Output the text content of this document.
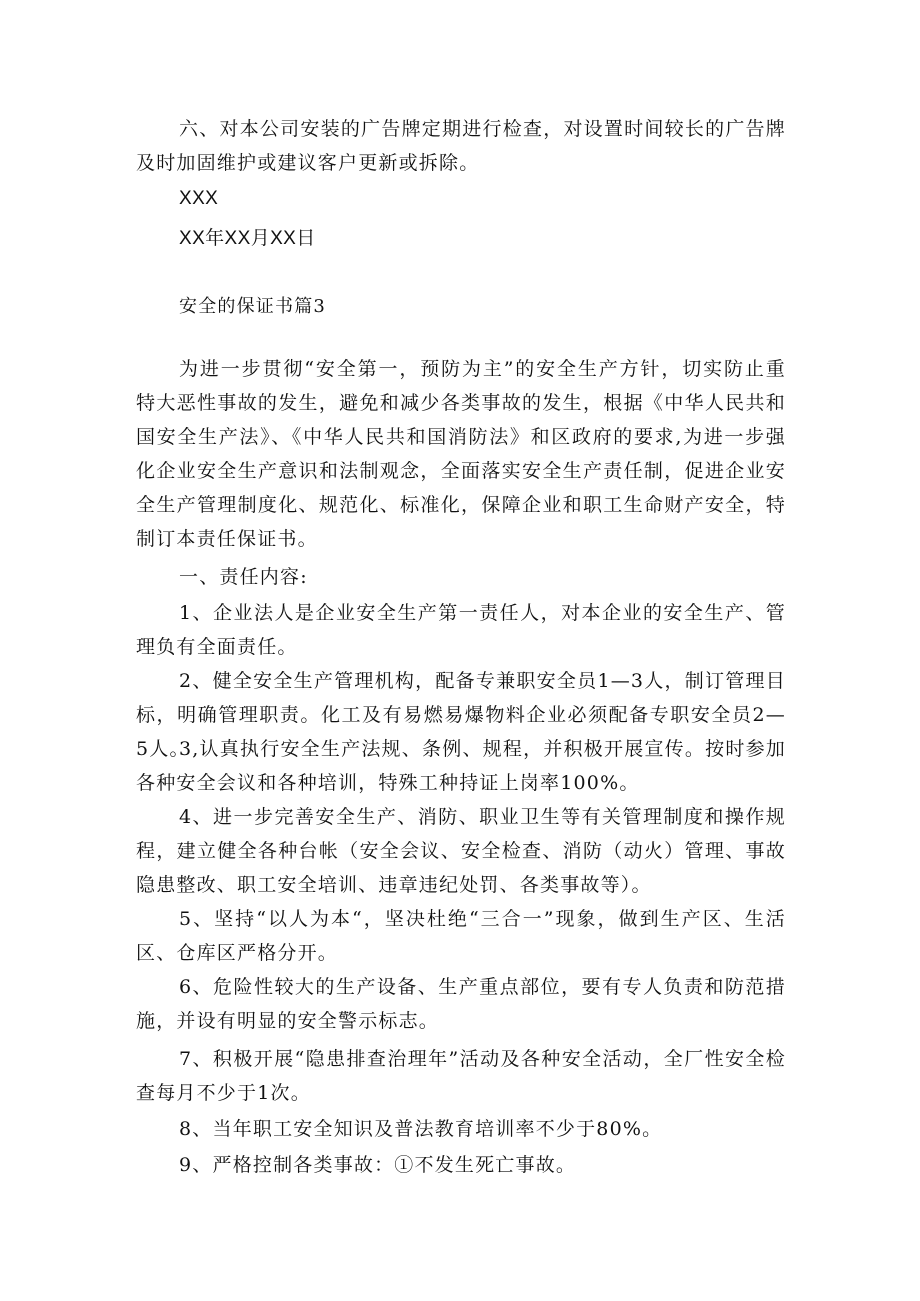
六、对本公司安装的广告牌定期进行检查，对设置时间较长的广告牌及时加固维护或建议客户更新或拆除。

XXX

XX年XX月XX日

安全的保证书篇3

为进一步贯彻“安全第一，预防为主”的安全生产方针，切实防止重特大恶性事故的发生，避免和减少各类事故的发生，根据《中华人民共和国安全生产法》、《中华人民共和国消防法》和区政府的要求,为进一步强化企业安全生产意识和法制观念，全面落实安全生产责任制，促进企业安全生产管理制度化、规范化、标准化，保障企业和职工生命财产安全，特制订本责任保证书。

一、责任内容:

1、企业法人是企业安全生产第一责任人，对本企业的安全生产、管理负有全面责任。

2、健全安全生产管理机构，配备专兼职安全员1—3人，制订管理目标，明确管理职责。化工及有易燃易爆物料企业必须配备专职安全员2—5人。

3,认真执行安全生产法规、条例、规程，并积极开展宣传。按时参加各种安全会议和各种培训，特殊工种持证上岗率100%。

4、进一步完善安全生产、消防、职业卫生等有关管理制度和操作规程，建立健全各种台帐（安全会议、安全检查、消防（动火）管理、事故隐患整改、职工安全培训、违章违纪处罚、各类事故等）。

5、坚持“以人为本“，坚决杜绝“三合一”现象，做到生产区、生活区、仓库区严格分开。

6、危险性较大的生产设备、生产重点部位，要有专人负责和防范措施，并设有明显的安全警示标志。

7、积极开展“隐患排查治理年”活动及各种安全活动，全厂性安全检查每月不少于1次。

8、当年职工安全知识及普法教育培训率不少于80%。

9、严格控制各类事故：①不发生死亡事故。
